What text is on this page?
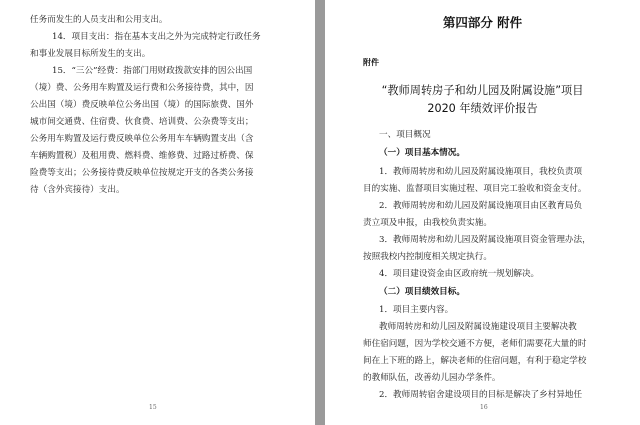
任务而发生的人员支出和公用支出。
14．项目支出：指在基本支出之外为完成特定行政任务
和事业发展目标所发生的支出。
15．“三公”经费：指部门用财政拨款安排的因公出国
（境）费、公务用车购置及运行费和公务接待费，其中，因
公出国（境）费反映单位公务出国（境）的国际旅费、国外
城市间交通费、住宿费、伙食费、培训费、公杂费等支出；
公务用车购置及运行费反映单位公务用车车辆购置支出（含
车辆购置税）及租用费、燃料费、维修费、过路过桥费、保
险费等支出；公务接待费反映单位按规定开支的各类公务接
待（含外宾接待）支出。
15
第四部分 附件
附件
“教师周转房子和幼儿园及附属设施”项目
2020 年绩效评价报告
一、项目概况
（一）项目基本情况。
1．教师周转房和幼儿园及附属设施项目，我校负责项
目的实施、监督项目实施过程、项目完工验收和资金支付。
2．教师周转房和幼儿园及附属设施项目由区教育局负
责立项及申报，由我校负责实施。
3．教师周转房和幼儿园及附属设施项目资金管理办法，
按照我校内控制度相关规定执行。
4．项目建设资金由区政府统一规划解决。
（二）项目绩效目标。
1．项目主要内容。
教师周转房和幼儿园及附属设施建设项目主要解决教
师住宿问题，因为学校交通不方便，老师们需要花大量的时
间在上下班的路上，解决老师的住宿问题，有利于稳定学校
的教师队伍，改善幼儿园办学条件。
2．教师周转宿舍建设项目的目标是解决了乡村异地任
16
